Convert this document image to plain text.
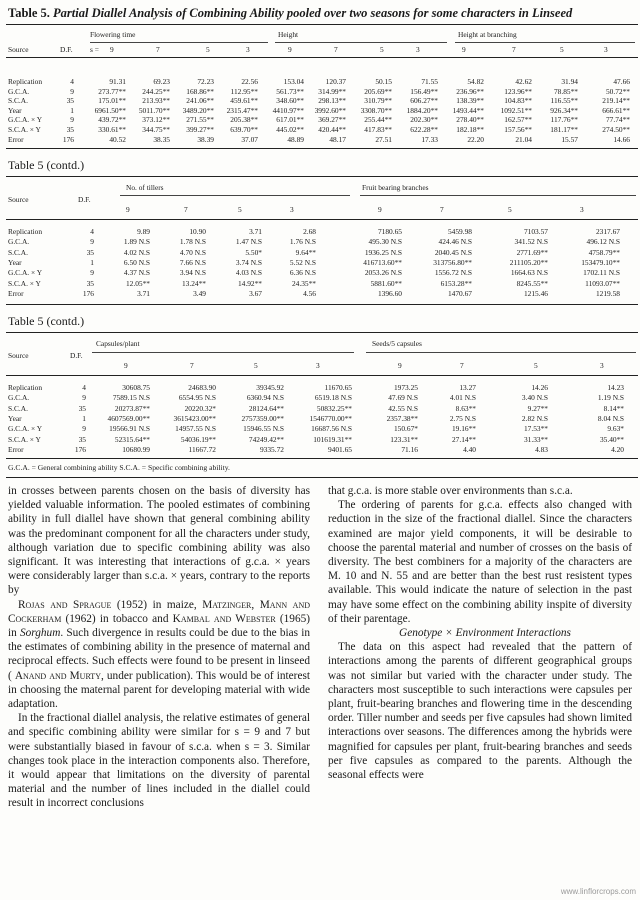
Table 5. Partial Diallel Analysis of Combining Ability pooled over two seasons for some characters in Linseed
Source	D.F.
Flowering time	Height	Height at branching
s = 9	7	5	3	9	7	5	3	9	7	5	3
Replication	4	91.31	69.23	72.23	22.56	153.04	120.37	50.15	71.55	54.82	42.62	31.94	47.66
G.C.A.	9	273.77**	244.25**	168.86**	112.95**	561.73**	314.99**	205.69**	156.49**	236.96**	123.96**	78.85**	50.72**
S.C.A.	35	175.01**	213.93**	241.06**	459.61**	348.60**	298.13**	310.79**	606.27**	138.39**	104.83**	116.55**	219.14**
Year	1	6961.50**	5011.70**	3489.20**	2315.47**	4410.97**	3992.60**	3308.70**	1884.20**	1493.44**	1092.51**	926.34**	666.61**
G.C.A. × Y	9	439.72**	373.12**	271.55**	205.38**	617.01**	369.27**	255.44**	202.30**	278.40**	162.57**	117.76**	77.74**
S.C.A. × Y	35	330.61**	344.75**	399.27**	639.70**	445.02**	420.44**	417.83**	622.28**	182.18**	157.56**	181.17**	274.50**
Error	176	40.52	38.35	38.39	37.07	48.89	48.17	27.51	17.33	22.20	21.04	15.57	14.66
Table 5 (contd.)
Source	D.F.
No. of tillers	Fruit bearing branches
9	7	5	3	9	7	5	3
Replication	4	9.89	10.90	3.71	2.68	7180.65	5459.98	7103.57	2317.67
G.C.A.	9	1.89 N.S	1.78 N.S	1.47 N.S	1.76 N.S	495.30 N.S	424.46 N.S	341.52 N.S	496.12 N.S
S.C.A.	35	4.02 N.S	4.70 N.S	5.50*	9.64**	1936.25 N.S	2040.45 N.S	2771.69**	4758.79**
Year	1	6.50 N.S	7.66 N.S	3.74 N.S	5.52 N.S	416713.60**	313756.80**	211105.20**	153479.10**
G.C.A. × Y	9	4.37 N.S	3.94 N.S	4.03 N.S	6.36 N.S	2053.26 N.S	1556.72 N.S	1664.63 N.S	1702.11 N.S
S.C.A. × Y	35	12.05**	13.24**	14.92**	24.35**	5881.60**	6153.28**	8245.55**	11093.07**
Error	176	3.71	3.49	3.67	4.56	1396.60	1470.67	1215.46	1219.58
Table 5 (contd.)
Source	D.F.
Capsules/plant	Seeds/5 capsules
9	7	5	3	9	7	5	3
Replication	4	30608.75	24683.90	39345.92	11670.65	1973.25	13.27	14.26	14.23
G.C.A.	9	7589.15 N.S	6554.95 N.S	6360.94 N.S	6519.18 N.S	47.69 N.S	4.01 N.S	3.40 N.S	1.19 N.S
S.C.A.	35	20273.87**	20220.32*	28124.64**	50832.25**	42.55 N.S	8.63**	9.27**	8.14**
Year	1	4607569.00**	3615423.00**	2757359.00**	1546770.00**	2357.38**	2.75 N.S	2.82 N.S	8.04 N.S
G.C.A. × Y	9	19566.91 N.S	14957.55 N.S	15946.55 N.S	16687.56 N.S	150.67*	19.16**	17.53**	9.63*
S.C.A. × Y	35	52315.64**	54036.19**	74249.42**	101619.31**	123.31**	27.14**	31.33**	35.40**
Error	176	10680.99	11667.72	9335.72	9401.65	71.16	4.40	4.83	4.20
G.C.A. = General combining ability S.C.A. = Specific combining ability.

in crosses between parents chosen on the basis of diversity has yielded valuable information. The pooled estimates of combining ability in full diallel have shown that general combining ability was the predominant component for all the characters under study, although variation due to specific combining ability was also significant. It was interesting that interactions of g.c.a. × years were considerably larger than s.c.a. × years, contrary to the reports by

Rojas and Sprague (1952) in maize, Matzinger, Mann and Cockerham (1962) in tobacco and Kambal and Webster (1965) in Sorghum. Such divergence in results could be due to the bias in the estimates of combining ability in the presence of maternal and reciprocal effects. Such effects were found to be present in linseed ( Anand and Murty, under publication). This would be of interest in choosing the maternal parent for developing material with wide adaptation.

In the fractional diallel analysis, the relative estimates of general and specific combining ability were similar for s = 9 and 7 but were substantially biased in favour of s.c.a. when s = 3. Similar changes took place in the interaction components also. Therefore, it would appear that limitations on the diversity of parental material and the number of lines included in the diallel could result in incorrect conclusions

that g.c.a. is more stable over environments than s.c.a.

The ordering of parents for g.c.a. effects also changed with reduction in the size of the fractional diallel. Since the characters examined are major yield components, it will be desirable to choose the parental material and number of crosses on the basis of diversity. The best combiners for a majority of the characters are M. 10 and N. 55 and are better than the best rust resistent types available. This would indicate the nature of selection in the past may have some effect on the combining ability inspite of diversity of their parentage.

Genotype × Environment Interactions

The data on this aspect had revealed that the pattern of interactions among the parents of different geographical groups was not similar but varied with the character under study. The characters most susceptible to such interactions were capsules per plant, fruit-bearing branches and flowering time in the descending order. Tiller number and seeds per five capsules had shown limited interactions over seasons. The differences among the hybrids were magnified for capsules per plant, fruit-bearing branches and seeds per five capsules as compared to the parents. Although the seasonal effects were

www.linflorcrops.com
